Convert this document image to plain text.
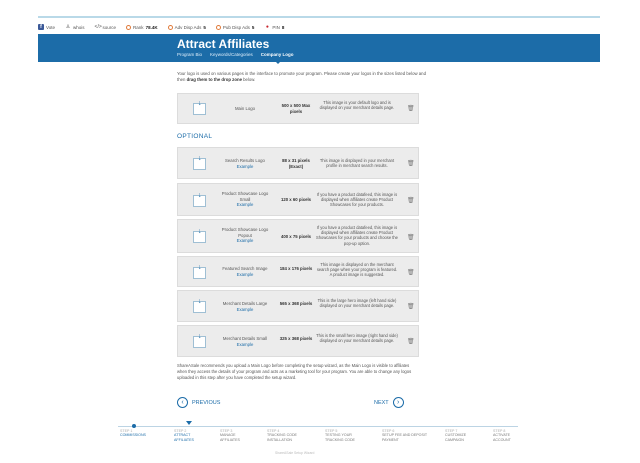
f Vote ♙ whois </> source	Rank 78.4K	Adv Disp Ads 5	Pub Disp Ads 5 ● PIN 8
Attract Affiliates
Program Bio Keywords/Categories Company Logo
Your logo is used on various pages in the interface to promote your program. Please create your logos in the sizes listed below and then drag them to the drop zone below.
↓
Main Logo
500 x 500 Max pixels
This image is your default logo and is displayed on your merchant details page.	🗑
OPTIONAL
↓	Search Results Logo
Example
88 x 31 pixels (Exact)
This image is displayed in your merchant profile in merchant search results.	🗑
↓	Product Showcase Logo Small
Example
120 x 60 pixels
If you have a product datafeed, this image is displayed when affiliates create Product Showcases for your products.
🗑
↓	Product Showcase Logo Popout
Example
400 x 75 pixels
If you have a product datafeed, this image is displayed when affiliates create Product Showcases for your products and choose the pop-up option.
🗑
↓	Featured Search Image
Example
184 x 176 pixels
This image is displayed on the merchant search page when your program is featured. A product image is suggested.	🗑
↓	Merchant Details Large
Example
565 x 368 pixels
This is the large hero image (left hand side) displayed on your merchant details page.	🗑
↓	Merchant Details Small
Example
325 x 368 pixels
This is the small hero image (right hand side) displayed on your merchant details page.	🗑
ShareASale recommends you upload a Main Logo before completing the setup wizard, as the Main Logo is visible to affiliates when they access the details of your program and acts as a marketing tool for your program. You are able to change any logos uploaded in this step after you have completed the setup wizard.
‹	PREVIOUS	NEXT	›
STEP 1
COMMISSIONS
STEP 2
ATTRACT AFFILIATES
STEP 3
MANAGE AFFILIATES
STEP 4
TRACKING CODE INSTALLATION
STEP 5
TESTING YOUR TRACKING CODE
STEP 6
SETUP FEE AND DEPOSIT PAYMENT
STEP 7
CUSTOMIZE CAMPAIGN
STEP 8
ACTIVATE ACCOUNT
ShareASale Setup Wizard
